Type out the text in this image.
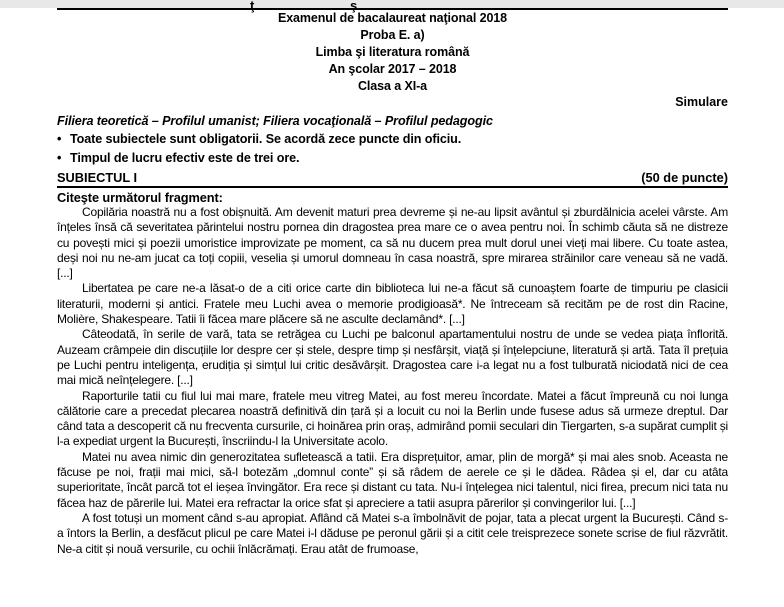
ţ	ş
Examenul de bacalaureat naţional 2018
Proba E. a)
Limba şi literatura română
An şcolar 2017 – 2018
Clasa a XI-a
Simulare
Filiera teoretică – Profilul umanist; Filiera vocaţională – Profilul pedagogic
• Toate subiectele sunt obligatorii. Se acordă zece puncte din oficiu.
• Timpul de lucru efectiv este de trei ore.
SUBIECTUL I	(50 de puncte)
Citeşte următorul fragment:

Copilăria noastră nu a fost obișnuită. Am devenit maturi prea devreme și ne-au lipsit avântul și zburdălnicia acelei vârste. Am înțeles însă că severitatea părintelui nostru pornea din dragostea prea mare ce o avea pentru noi. În schimb căuta să ne distreze cu povești mici și poezii umoristice improvizate pe moment, ca să nu ducem prea mult dorul unei vieți mai libere. Cu toate astea, deși noi nu ne-am jucat ca toți copiii, veselia și umorul domneau în casa noastră, spre mirarea străinilor care veneau să ne vadă. [...]

Libertatea pe care ne-a lăsat-o de a citi orice carte din biblioteca lui ne-a făcut să cunoaștem foarte de timpuriu pe clasicii literaturii, moderni și antici. Fratele meu Luchi avea o memorie prodigioasă*. Ne întreceam să recităm pe de rost din Racine, Molière, Shakespeare. Tatii îi făcea mare plăcere să ne asculte declamând*. [...]

Câteodată, în serile de vară, tata se retrăgea cu Luchi pe balconul apartamentului nostru de unde se vedea piața înflorită. Auzeam crâmpeie din discuțiile lor despre cer și stele, despre timp și nesfârșit, viață și înțelepciune, literatură și artă. Tata îl prețuia pe Luchi pentru inteligența, erudiția și simțul lui critic desăvârșit. Dragostea care i-a legat nu a fost tulburată niciodată nici de cea mai mică neînțelegere. [...]

Raporturile tatii cu fiul lui mai mare, fratele meu vitreg Matei, au fost mereu încordate. Matei a făcut împreună cu noi lunga călătorie care a precedat plecarea noastră definitivă din țară și a locuit cu noi la Berlin unde fusese adus să urmeze dreptul. Dar când tata a descoperit că nu frecventa cursurile, ci hoinărea prin oraș, admirând pomii seculari din Tiergarten, s-a supărat cumplit și l-a expediat urgent la București, înscriindu-l la Universitate acolo.

Matei nu avea nimic din generozitatea sufletească a tatii. Era disprețuitor, amar, plin de morgă* și mai ales snob. Aceasta ne făcuse pe noi, frații mai mici, să-l botezăm „domnul conte” și să râdem de aerele ce și le dădea. Râdea și el, dar cu atâta superioritate, încât parcă tot el ieșea învingător. Era rece și distant cu tata. Nu-i înțelegea nici talentul, nici firea, precum nici tata nu făcea haz de părerile lui. Matei era refractar la orice sfat și apreciere a tatii asupra părerilor și convingerilor lui. [...]

A fost totuși un moment când s-au apropiat. Aflând că Matei s-a îmbolnăvit de pojar, tata a plecat urgent la București. Când s-a întors la Berlin, a desfăcut plicul pe care Matei i-l dăduse pe peronul gării și a citit cele treisprezece sonete scrise de fiul răzvrătit. Ne-a citit și nouă versurile, cu ochii înlăcrămați. Erau atât de frumoase,
